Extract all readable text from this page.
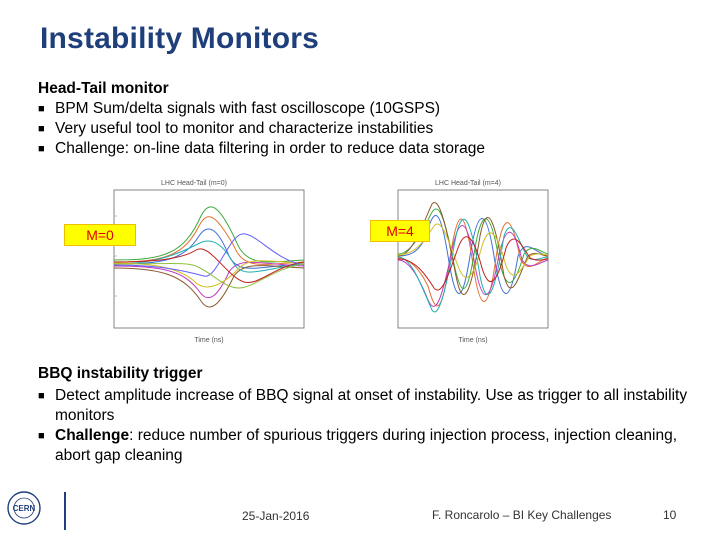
Instability Monitors
Head-Tail monitor
■ BPM Sum/delta signals with fast oscilloscope (10GSPS)
■ Very useful tool to monitor and characterize instabilities
■ Challenge: on-line data filtering in order to reduce data storage
LHC Head-Tail (m=0)
Time (ns)
M=0
LHC Head-Tail (m=4)
Time (ns)
M=4
BBQ instability trigger
■ Detect amplitude increase of BBQ signal at onset of instability. Use as trigger to all instability monitors
■ Challenge: reduce number of spurious triggers during injection process, injection cleaning, abort gap cleaning
CERN
25-Jan-2016	F. Roncarolo – BI Key Challenges	10
